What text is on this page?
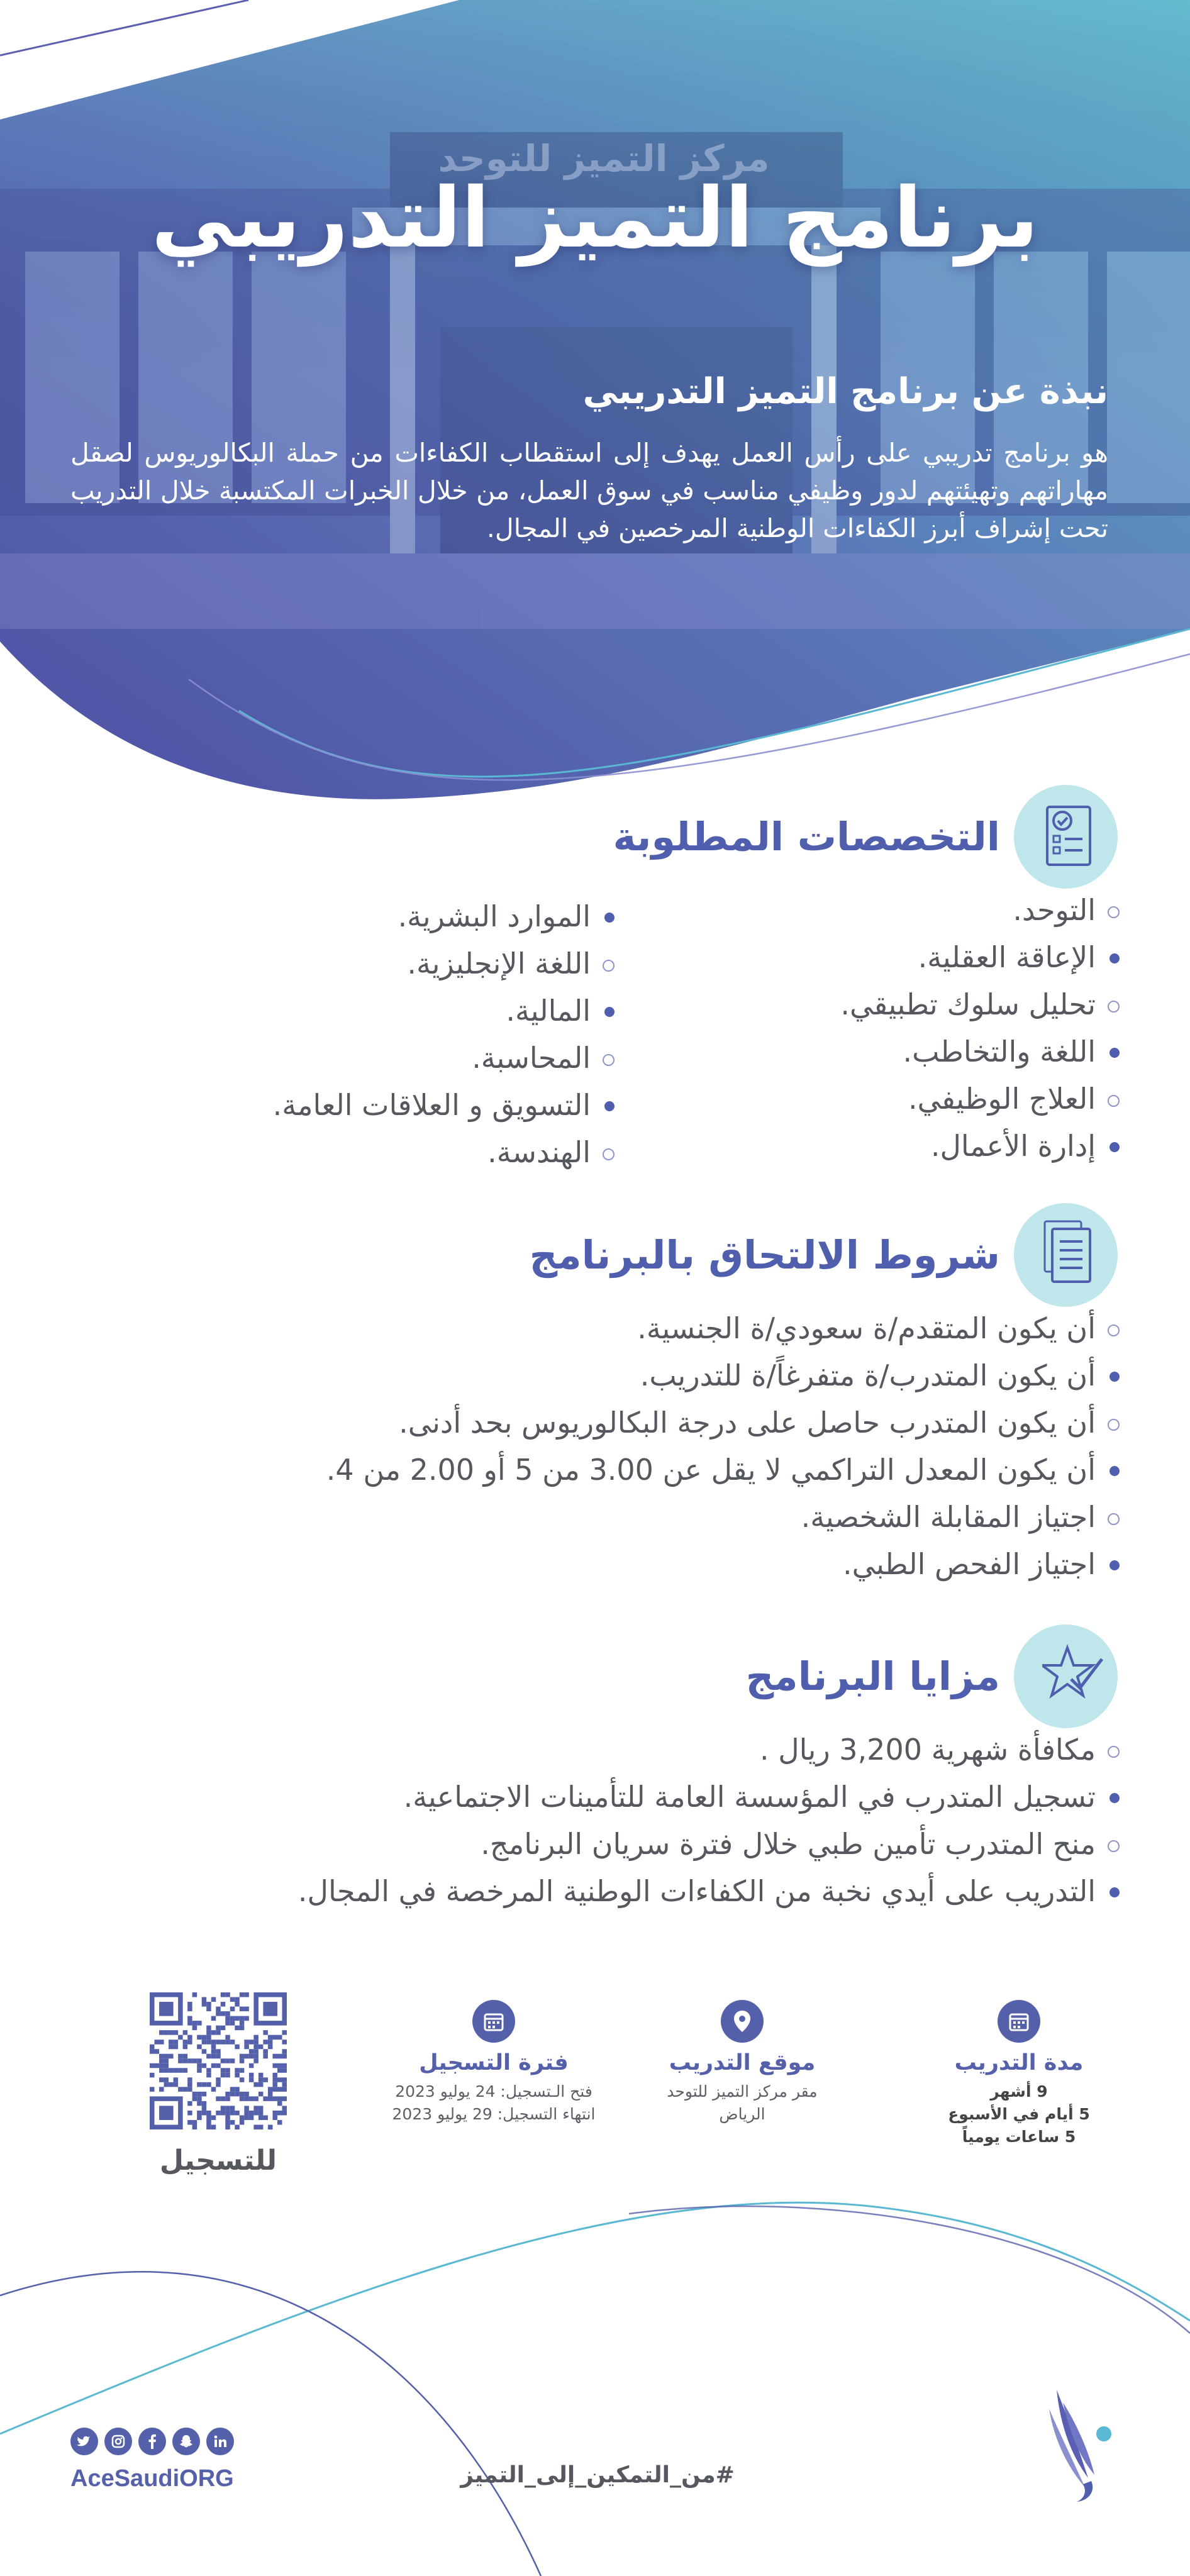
برنامج التميز التدريبي
نبذة عن برنامج التميز التدريبي

هو برنامج تدريبي على رأس العمل يهدف إلى استقطاب الكفاءات من حملة البكالوريوس لصقل مهاراتهم وتهيئتهم لدور وظيفي مناسب في سوق العمل، من خلال الخبرات المكتسبة خلال التدريب تحت إشراف أبرز الكفاءات الوطنية المرخصين في المجال.

التخصصات المطلوبة
التوحد.
الإعاقة العقلية.
تحليل سلوك تطبيقي.
اللغة والتخاطب.
العلاج الوظيفي.
إدارة الأعمال.
الموارد البشرية.
اللغة الإنجليزية.
المالية.
المحاسبة.
التسويق و العلاقات العامة.
الهندسة.
شروط الالتحاق بالبرنامج
أن يكون المتقدم/ة سعودي/ة الجنسية.
أن يكون المتدرب/ة متفرغاً/ة للتدريب.
أن يكون المتدرب حاصل على درجة البكالوريوس بحد أدنى.
أن يكون المعدل التراكمي لا يقل عن 3.00 من 5 أو 2.00 من 4.
اجتياز المقابلة الشخصية.
اجتياز الفحص الطبي.
مزايا البرنامج
مكافأة شهرية 3,200 ريال .
تسجيل المتدرب في المؤسسة العامة للتأمينات الاجتماعية.
منح المتدرب تأمين طبي خلال فترة سريان البرنامج.
التدريب على أيدي نخبة من الكفاءات الوطنية المرخصة في المجال.
مدة التدريب
9 أشهر
5 أيام في الأسبوع
5 ساعات يومياً
موقع التدريب
مقر مركز التميز للتوحد
الرياض
فترة التسجيل
فتح الـتسجيل: 24 يوليو 2023
انتهاء التسجيل: 29 يوليو 2023
للتسجيل
AceSaudiORG	#من_التمكين_إلى_التميز
